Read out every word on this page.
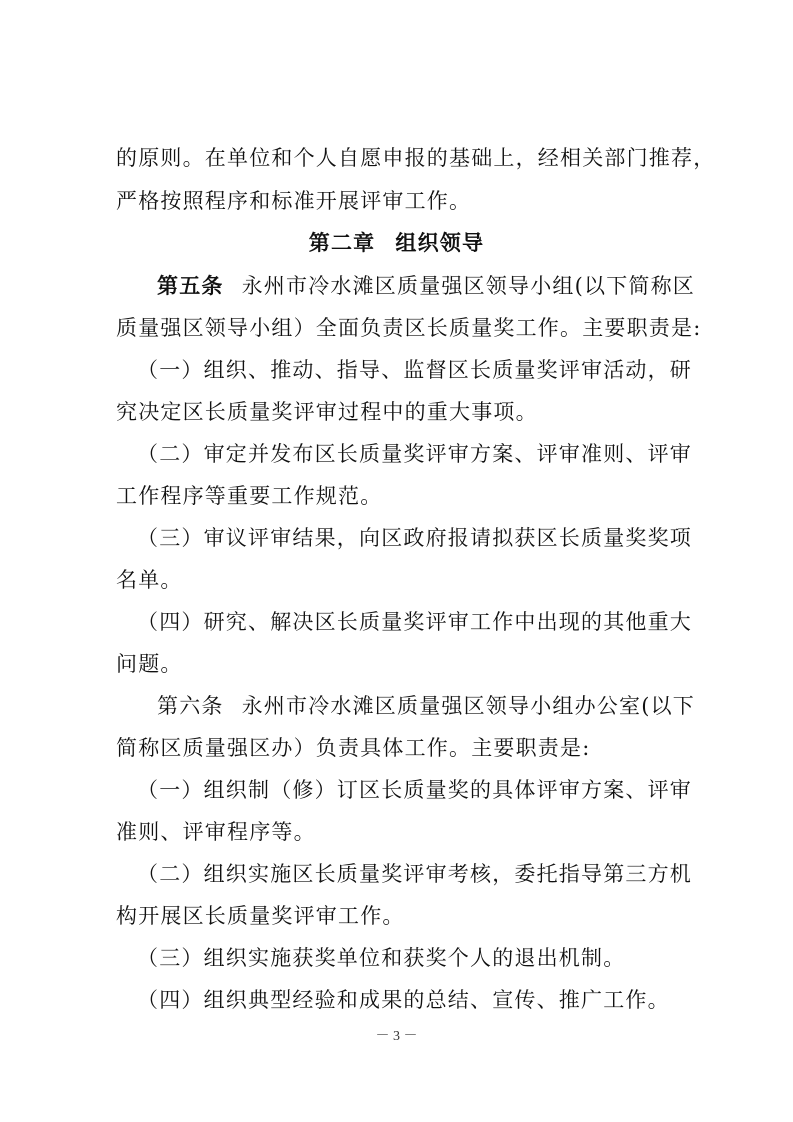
的原则。在单位和个人自愿申报的基础上，经相关部门推荐，
严格按照程序和标准开展评审工作。
第二章 组织领导
第五条 永州市冷水滩区质量强区领导小组(以下简称区
质量强区领导小组）全面负责区长质量奖工作。主要职责是:
（一）组织、推动、指导、监督区长质量奖评审活动，研
究决定区长质量奖评审过程中的重大事项。
（二）审定并发布区长质量奖评审方案、评审准则、评审
工作程序等重要工作规范。
（三）审议评审结果，向区政府报请拟获区长质量奖奖项
名单。
（四）研究、解决区长质量奖评审工作中出现的其他重大
问题。
第六条 永州市冷水滩区质量强区领导小组办公室(以下
简称区质量强区办）负责具体工作。主要职责是:
（一）组织制（修）订区长质量奖的具体评审方案、评审
准则、评审程序等。
（二）组织实施区长质量奖评审考核，委托指导第三方机
构开展区长质量奖评审工作。
（三）组织实施获奖单位和获奖个人的退出机制。
（四）组织典型经验和成果的总结、宣传、推广工作。
－ 3 －
